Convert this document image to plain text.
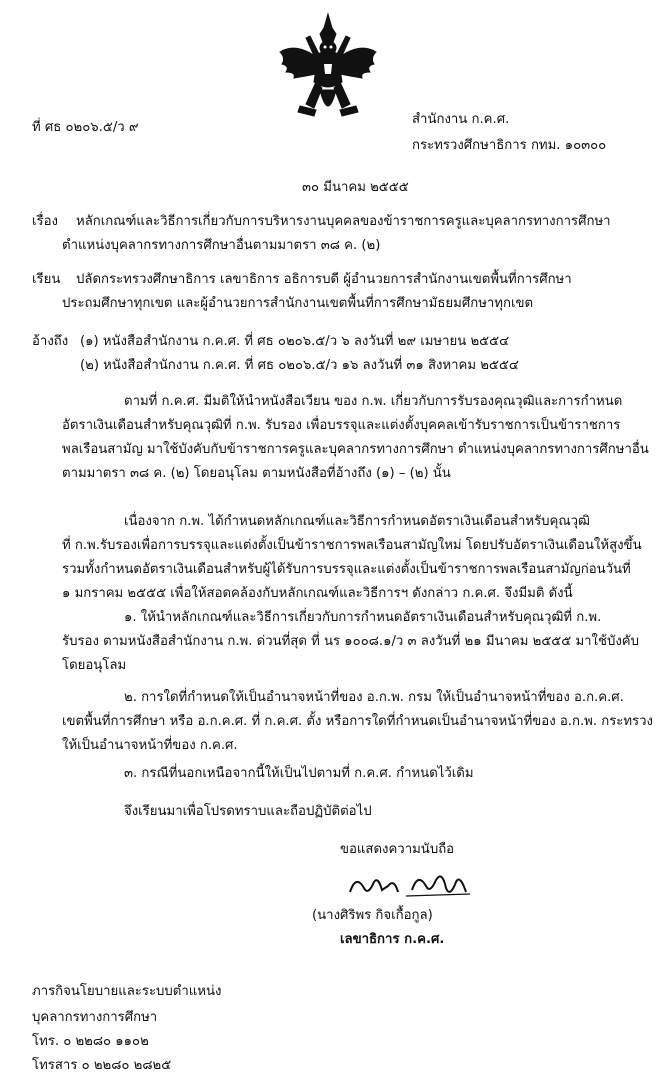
ที่ ศธ ๐๒๐๖.๕/ว ๙
สำนักงาน ก.ค.ศ.
กระทรวงศึกษาธิการ กทม. ๑๐๓๐๐
๓๐ มีนาคม ๒๕๕๕
เรื่อง หลักเกณฑ์และวิธีการเกี่ยวกับการบริหารงานบุคคลของข้าราชการครูและบุคลากรทางการศึกษา
ตำแหน่งบุคลากรทางการศึกษาอื่นตามมาตรา ๓๘ ค. (๒)
เรียน ปลัดกระทรวงศึกษาธิการ เลขาธิการ อธิการบดี ผู้อำนวยการสำนักงานเขตพื้นที่การศึกษา
ประถมศึกษาทุกเขต และผู้อำนวยการสำนักงานเขตพื้นที่การศึกษามัธยมศึกษาทุกเขต
อ้างถึง (๑) หนังสือสำนักงาน ก.ค.ศ. ที่ ศธ ๐๒๐๖.๕/ว ๖ ลงวันที่ ๒๙ เมษายน ๒๕๕๔
(๒) หนังสือสำนักงาน ก.ค.ศ. ที่ ศธ ๐๒๐๖.๕/ว ๑๖ ลงวันที่ ๓๑ สิงหาคม ๒๕๕๔
ตามที่ ก.ค.ศ. มีมติให้นำหนังสือเวียน ของ ก.พ. เกี่ยวกับการรับรองคุณวุฒิและการกำหนด
อัตราเงินเดือนสำหรับคุณวุฒิที่ ก.พ. รับรอง เพื่อบรรจุและแต่งตั้งบุคคลเข้ารับราชการเป็นข้าราชการ
พลเรือนสามัญ มาใช้บังคับกับข้าราชการครูและบุคลากรทางการศึกษา ตำแหน่งบุคลากรทางการศึกษาอื่น
ตามมาตรา ๓๘ ค. (๒) โดยอนุโลม ตามหนังสือที่อ้างถึง (๑) – (๒) นั้น
เนื่องจาก ก.พ. ได้กำหนดหลักเกณฑ์และวิธีการกำหนดอัตราเงินเดือนสำหรับคุณวุฒิ
ที่ ก.พ.รับรองเพื่อการบรรจุและแต่งตั้งเป็นข้าราชการพลเรือนสามัญใหม่ โดยปรับอัตราเงินเดือนให้สูงขึ้น
รวมทั้งกำหนดอัตราเงินเดือนสำหรับผู้ได้รับการบรรจุและแต่งตั้งเป็นข้าราชการพลเรือนสามัญก่อนวันที่
๑ มกราคม ๒๕๕๕ เพื่อให้สอดคล้องกับหลักเกณฑ์และวิธีการฯ ดังกล่าว ก.ค.ศ. จึงมีมติ ดังนี้
๑. ให้นำหลักเกณฑ์และวิธีการเกี่ยวกับการกำหนดอัตราเงินเดือนสำหรับคุณวุฒิที่ ก.พ.
รับรอง ตามหนังสือสำนักงาน ก.พ. ด่วนที่สุด ที่ นร ๑๐๐๘.๑/ว ๓ ลงวันที่ ๒๑ มีนาคม ๒๕๕๕ มาใช้บังคับ
โดยอนุโลม
๒. การใดที่กำหนดให้เป็นอำนาจหน้าที่ของ อ.ก.พ. กรม ให้เป็นอำนาจหน้าที่ของ อ.ก.ค.ศ.
เขตพื้นที่การศึกษา หรือ อ.ก.ค.ศ. ที่ ก.ค.ศ. ตั้ง หรือการใดที่กำหนดเป็นอำนาจหน้าที่ของ อ.ก.พ. กระทรวง
ให้เป็นอำนาจหน้าที่ของ ก.ค.ศ.
๓. กรณีที่นอกเหนือจากนี้ให้เป็นไปตามที่ ก.ค.ศ. กำหนดไว้เดิม
จึงเรียนมาเพื่อโปรดทราบและถือปฏิบัติต่อไป
ขอแสดงความนับถือ
(นางศิริพร กิจเกื้อกูล)
เลขาธิการ ก.ค.ศ.
ภารกิจนโยบายและระบบตำแหน่ง
บุคลากรทางการศึกษา
โทร. ๐ ๒๒๘๐ ๑๑๐๒
โทรสาร ๐ ๒๒๘๐ ๒๘๒๕
